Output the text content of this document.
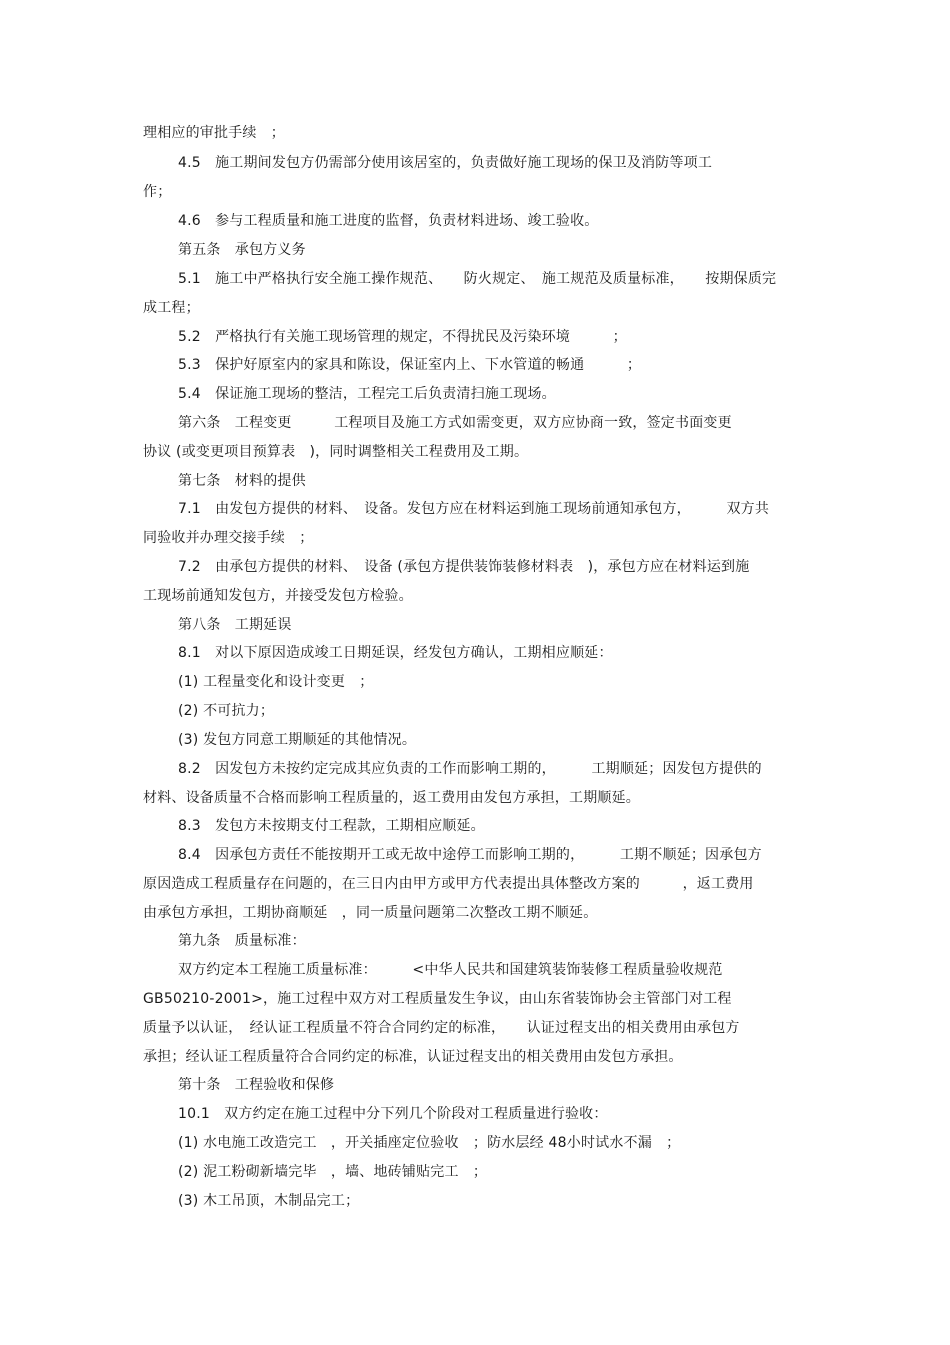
理相应的审批手续　；
4.5　施工期间发包方仍需部分使用该居室的，负责做好施工现场的保卫及消防等项工
作；
4.6　参与工程质量和施工进度的监督，负责材料进场、竣工验收。
第五条　承包方义务
5.1　施工中严格执行安全施工操作规范、　　防火规定、　施工规范及质量标准，　　按期保质完
成工程；
5.2　严格执行有关施工现场管理的规定，不得扰民及污染环境　　　；
5.3　保护好原室内的家具和陈设，保证室内上、下水管道的畅通　　　；
5.4　保证施工现场的整洁，工程完工后负责清扫施工现场。
第六条　工程变更　　　工程项目及施工方式如需变更，双方应协商一致，签定书面变更
协议 (或变更项目预算表　)，同时调整相关工程费用及工期。
第七条　材料的提供
7.1　由发包方提供的材料、　设备。发包方应在材料运到施工现场前通知承包方，　　　双方共
同验收并办理交接手续　；
7.2　由承包方提供的材料、　设备 (承包方提供装饰装修材料表　)，承包方应在材料运到施
工现场前通知发包方，并接受发包方检验。
第八条　工期延误
8.1　对以下原因造成竣工日期延误，经发包方确认，工期相应顺延：
(1) 工程量变化和设计变更　；
(2) 不可抗力；
(3) 发包方同意工期顺延的其他情况。
8.2　因发包方未按约定完成其应负责的工作而影响工期的，　　　工期顺延；因发包方提供的
材料、设备质量不合格而影响工程质量的，返工费用由发包方承担，工期顺延。
8.3　发包方未按期支付工程款，工期相应顺延。
8.4　因承包方责任不能按期开工或无故中途停工而影响工期的，　　　工期不顺延；因承包方
原因造成工程质量存在问题的，在三日内由甲方或甲方代表提出具体整改方案的　　　，返工费用
由承包方承担，工期协商顺延　，同一质量问题第二次整改工期不顺延。
第九条　质量标准：
双方约定本工程施工质量标准：　　　<中华人民共和国建筑装饰装修工程质量验收规范
GB50210-2001>，施工过程中双方对工程质量发生争议，由山东省装饰协会主管部门对工程
质量予以认证，　经认证工程质量不符合合同约定的标准，　　认证过程支出的相关费用由承包方
承担；经认证工程质量符合合同约定的标准，认证过程支出的相关费用由发包方承担。
第十条　工程验收和保修
10.1　双方约定在施工过程中分下列几个阶段对工程质量进行验收：
(1) 水电施工改造完工　，开关插座定位验收　；防水层经 48小时试水不漏　；
(2) 泥工粉砌新墙完毕　，墙、地砖铺贴完工　；
(3) 木工吊顶，木制品完工；
